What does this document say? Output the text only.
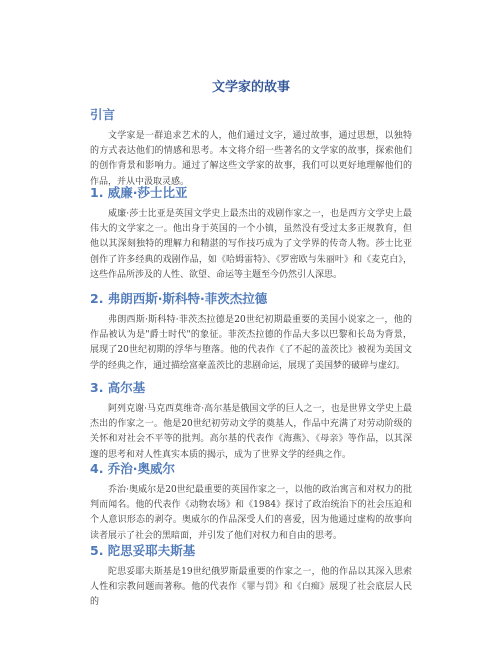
文学家的故事
引言

文学家是一群追求艺术的人，他们通过文字，通过故事，通过思想，以独特的方式表达他们的情感和思考。本文将介绍一些著名的文学家的故事，探索他们的创作背景和影响力。通过了解这些文学家的故事，我们可以更好地理解他们的作品，并从中汲取灵感。

1. 威廉·莎士比亚

威廉·莎士比亚是英国文学史上最杰出的戏剧作家之一，也是西方文学史上最伟大的文学家之一。他出身于英国的一个小镇，虽然没有受过太多正规教育，但他以其深刻独特的理解力和精湛的写作技巧成为了文学界的传奇人物。莎士比亚创作了许多经典的戏剧作品，如《哈姆雷特》、《罗密欧与朱丽叶》和《麦克白》，这些作品所涉及的人性、欲望、命运等主题至今仍然引人深思。

2. 弗朗西斯·斯科特·菲茨杰拉德

弗朗西斯·斯科特·菲茨杰拉德是20世纪初期最重要的美国小说家之一，他的作品被认为是"爵士时代"的象征。菲茨杰拉德的作品大多以巴黎和长岛为背景，展现了20世纪初期的浮华与堕落。他的代表作《了不起的盖茨比》被视为美国文学的经典之作，通过描绘富豪盖茨比的悲剧命运，展现了美国梦的破碎与虚幻。

3. 高尔基

阿列克谢·马克西莫维奇·高尔基是俄国文学的巨人之一，也是世界文学史上最杰出的作家之一。他是20世纪初劳动文学的奠基人，作品中充满了对劳动阶级的关怀和对社会不平等的批判。高尔基的代表作《海燕》、《母亲》等作品，以其深邃的思考和对人性真实本质的揭示，成为了世界文学的经典之作。

4. 乔治·奥威尔

乔治·奥威尔是20世纪最重要的英国作家之一，以他的政治寓言和对权力的批判而闻名。他的代表作《动物农场》和《1984》探讨了政治统治下的社会压迫和个人意识形态的剥夺。奥威尔的作品深受人们的喜爱，因为他通过虚构的故事向读者展示了社会的黑暗面，并引发了他们对权力和自由的思考。

5. 陀思妥耶夫斯基

陀思妥耶夫斯基是19世纪俄罗斯最重要的作家之一，他的作品以其深入思索人性和宗教问题而著称。他的代表作《罪与罚》和《白痴》展现了社会底层人民的
